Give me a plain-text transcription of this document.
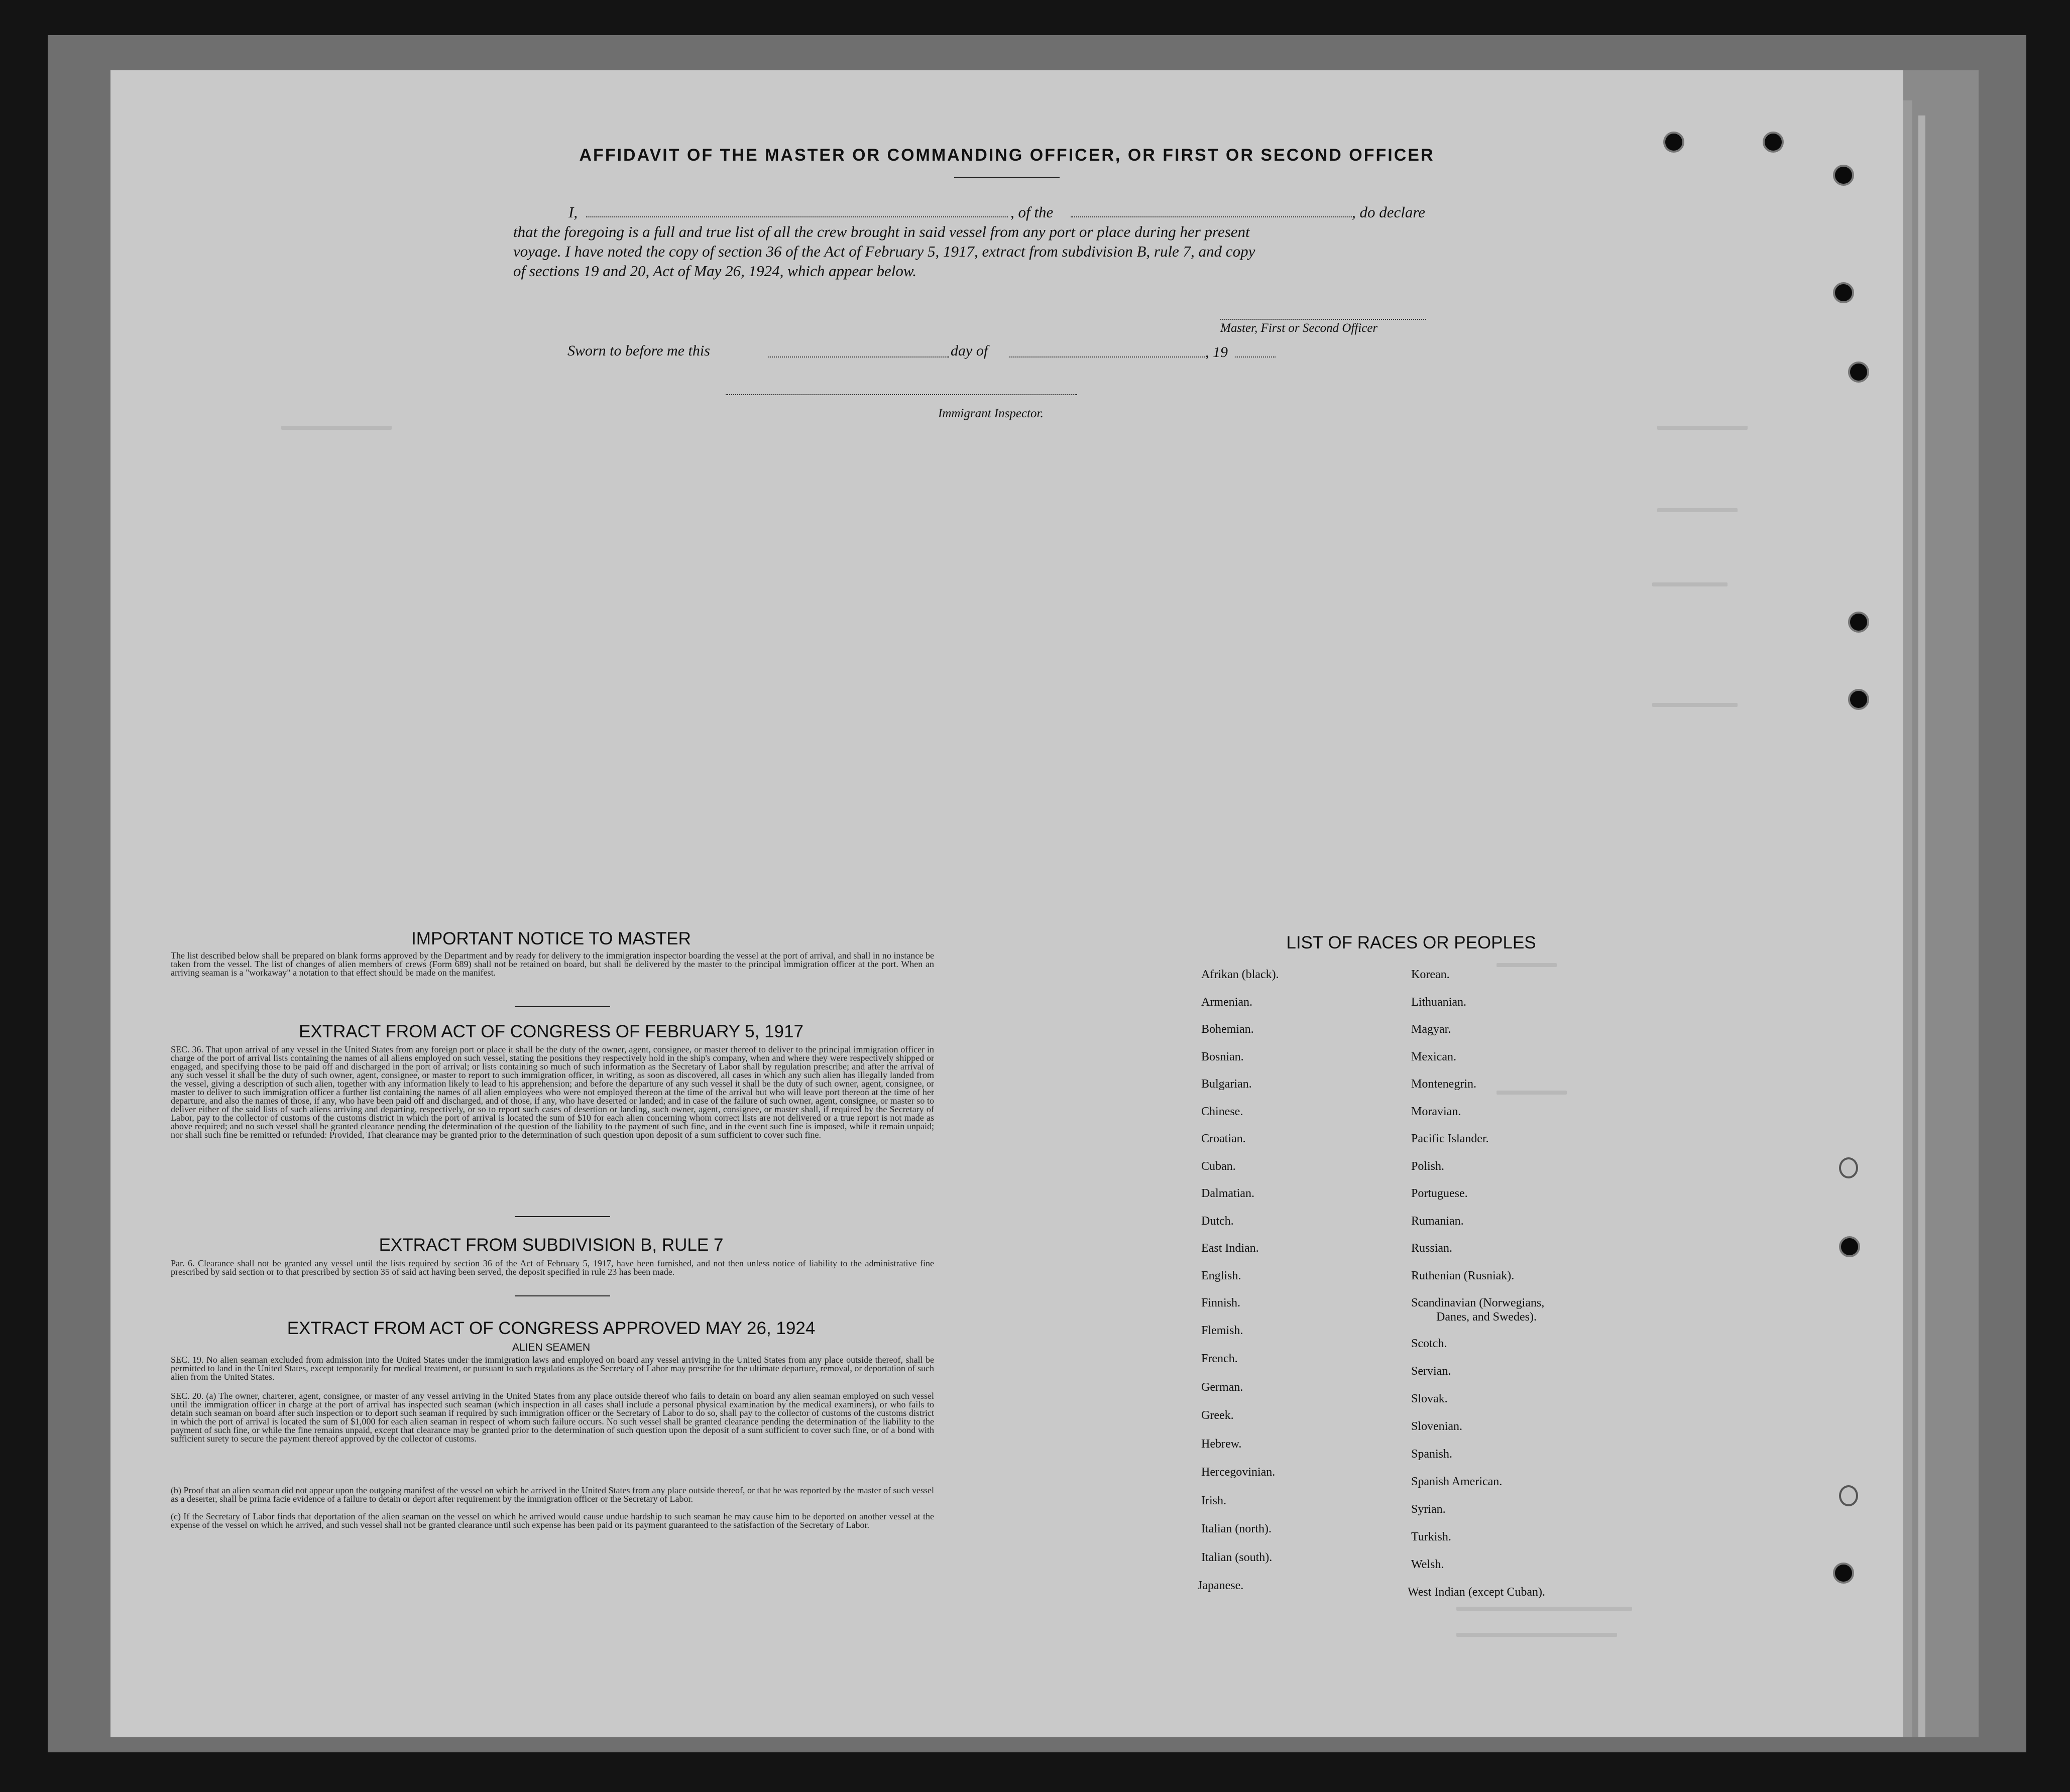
AFFIDAVIT OF THE MASTER OR COMMANDING OFFICER, OR FIRST OR SECOND OFFICER
I,	, of the	, do declare
that the foregoing is a full and true list of all the crew brought in said vessel from any port or place during her present
voyage. I have noted the copy of section 36 of the Act of February 5, 1917, extract from subdivision B, rule 7, and copy
of sections 19 and 20, Act of May 26, 1924, which appear below.
Master, First or Second Officer
Sworn to before me this	day of	, 19
Immigrant Inspector.
IMPORTANT NOTICE TO MASTER
The list described below shall be prepared on blank forms approved by the Department and by ready for delivery to the immigration inspector boarding the vessel at the port of arrival, and shall in no instance be taken from the vessel. The list of changes of alien members of crews (Form 689) shall not be retained on board, but shall be delivered by the master to the principal immigration officer at the port. When an arriving seaman is a "workaway" a notation to that effect should be made on the manifest.
EXTRACT FROM ACT OF CONGRESS OF FEBRUARY 5, 1917
SEC. 36. That upon arrival of any vessel in the United States from any foreign port or place it shall be the duty of the owner, agent, consignee, or master thereof to deliver to the principal immigration officer in charge of the port of arrival lists containing the names of all aliens employed on such vessel, stating the positions they respectively hold in the ship's company, when and where they were respectively shipped or engaged, and specifying those to be paid off and discharged in the port of arrival; or lists containing so much of such information as the Secretary of Labor shall by regulation prescribe; and after the arrival of any such vessel it shall be the duty of such owner, agent, consignee, or master to report to such immigration officer, in writing, as soon as discovered, all cases in which any such alien has illegally landed from the vessel, giving a description of such alien, together with any information likely to lead to his apprehension; and before the departure of any such vessel it shall be the duty of such owner, agent, consignee, or master to deliver to such immigration officer a further list containing the names of all alien employees who were not employed thereon at the time of the arrival but who will leave port thereon at the time of her departure, and also the names of those, if any, who have been paid off and discharged, and of those, if any, who have deserted or landed; and in case of the failure of such owner, agent, consignee, or master so to deliver either of the said lists of such aliens arriving and departing, respectively, or so to report such cases of desertion or landing, such owner, agent, consignee, or master shall, if required by the Secretary of Labor, pay to the collector of customs of the customs district in which the port of arrival is located the sum of $10 for each alien concerning whom correct lists are not delivered or a true report is not made as above required; and no such vessel shall be granted clearance pending the determination of the question of the liability to the payment of such fine, and in the event such fine is imposed, while it remain unpaid; nor shall such fine be remitted or refunded: Provided, That clearance may be granted prior to the determination of such question upon deposit of a sum sufficient to cover such fine.
EXTRACT FROM SUBDIVISION B, RULE 7
Par. 6. Clearance shall not be granted any vessel until the lists required by section 36 of the Act of February 5, 1917, have been furnished, and not then unless notice of liability to the administrative fine prescribed by said section or to that prescribed by section 35 of said act having been served, the deposit specified in rule 23 has been made.
EXTRACT FROM ACT OF CONGRESS APPROVED MAY 26, 1924
ALIEN SEAMEN
SEC. 19. No alien seaman excluded from admission into the United States under the immigration laws and employed on board any vessel arriving in the United States from any place outside thereof, shall be permitted to land in the United States, except temporarily for medical treatment, or pursuant to such regulations as the Secretary of Labor may prescribe for the ultimate departure, removal, or deportation of such alien from the United States.
SEC. 20. (a) The owner, charterer, agent, consignee, or master of any vessel arriving in the United States from any place outside thereof who fails to detain on board any alien seaman employed on such vessel until the immigration officer in charge at the port of arrival has inspected such seaman (which inspection in all cases shall include a personal physical examination by the medical examiners), or who fails to detain such seaman on board after such inspection or to deport such seaman if required by such immigration officer or the Secretary of Labor to do so, shall pay to the collector of customs of the customs district in which the port of arrival is located the sum of $1,000 for each alien seaman in respect of whom such failure occurs. No such vessel shall be granted clearance pending the determination of the liability to the payment of such fine, or while the fine remains unpaid, except that clearance may be granted prior to the determination of such question upon the deposit of a sum sufficient to cover such fine, or of a bond with sufficient surety to secure the payment thereof approved by the collector of customs.
(b) Proof that an alien seaman did not appear upon the outgoing manifest of the vessel on which he arrived in the United States from any place outside thereof, or that he was reported by the master of such vessel as a deserter, shall be prima facie evidence of a failure to detain or deport after requirement by the immigration officer or the Secretary of Labor.
(c) If the Secretary of Labor finds that deportation of the alien seaman on the vessel on which he arrived would cause undue hardship to such seaman he may cause him to be deported on another vessel at the expense of the vessel on which he arrived, and such vessel shall not be granted clearance until such expense has been paid or its payment guaranteed to the satisfaction of the Secretary of Labor.
LIST OF RACES OR PEOPLES
Afrikan (black).
Armenian.
Bohemian.
Bosnian.
Bulgarian.
Chinese.
Croatian.
Cuban.
Dalmatian.
Dutch.
East Indian.
English.
Finnish.
Flemish.
French.
German.
Greek.
Hebrew.
Hercegovinian.
Irish.
Italian (north).
Italian (south).
Japanese.
Korean.
Lithuanian.
Magyar.
Mexican.
Montenegrin.
Moravian.
Pacific Islander.
Polish.
Portuguese.
Rumanian.
Russian.
Ruthenian (Rusniak).
Scandinavian (Norwegians,
Danes, and Swedes).
Scotch.
Servian.
Slovak.
Slovenian.
Spanish.
Spanish American.
Syrian.
Turkish.
Welsh.
West Indian (except Cuban).
